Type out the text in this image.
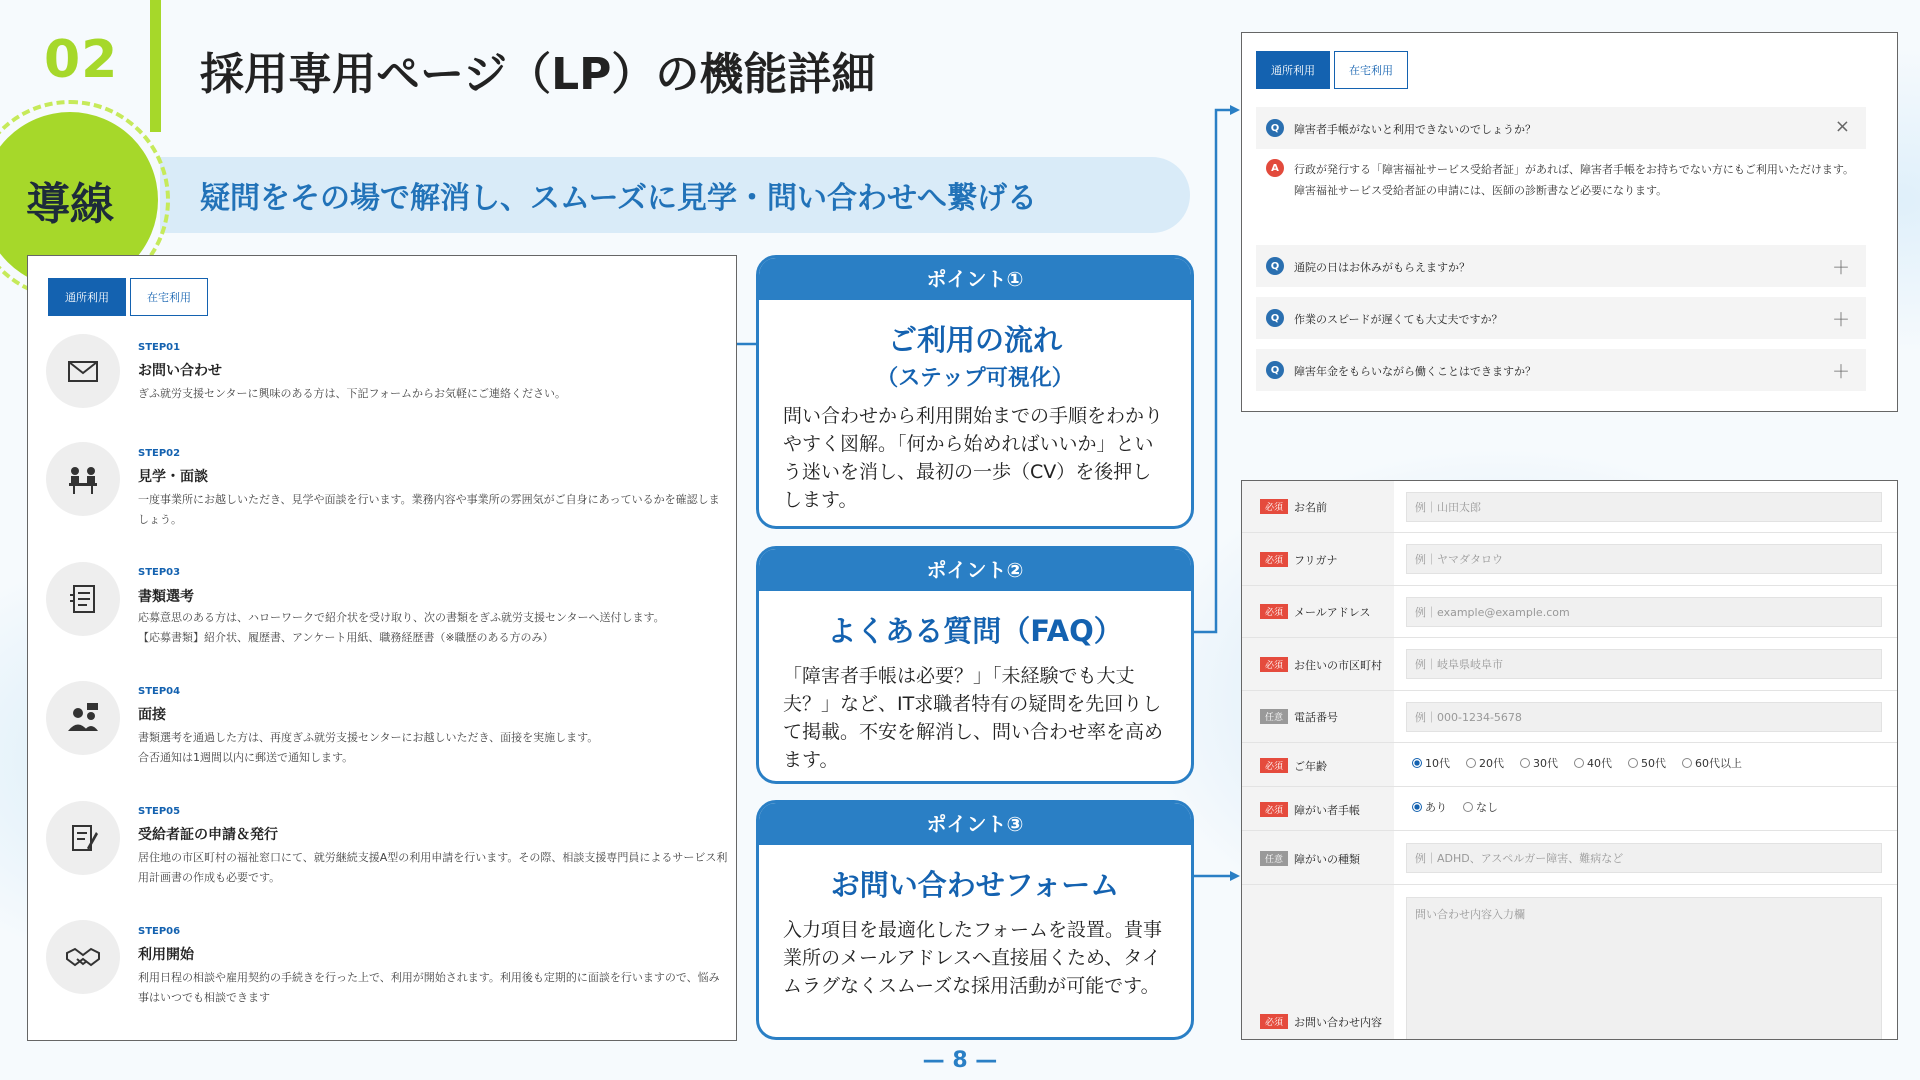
02 採用専用ページ（LP）の機能詳細
疑問をその場で解消し、スムーズに見学・問い合わせへ繋げる
導線
通所利用	在宅利用
STEP01
お問い合わせ
ぎふ就労支援センターに興味のある方は、下記フォームからお気軽にご連絡ください。
STEP02
見学・面談
一度事業所にお越しいただき、見学や面談を行います。業務内容や事業所の雰囲気がご自身にあっているかを確認しましょう。
STEP03
書類選考
応募意思のある方は、ハローワークで紹介状を受け取り、次の書類をぎふ就労支援センターへ送付します。
【応募書類】紹介状、履歴書、アンケート用紙、職務経歴書（※職歴のある方のみ）
STEP04
面接
書類選考を通過した方は、再度ぎふ就労支援センターにお越しいただき、面接を実施します。
合否通知は1週間以内に郵送で通知します。
STEP05
受給者証の申請＆発行
居住地の市区町村の福祉窓口にて、就労継続支援A型の利用申請を行います。その際、相談支援専門員によるサービス利用計画書の作成も必要です。
STEP06
利用開始
利用日程の相談や雇用契約の手続きを行った上で、利用が開始されます。利用後も定期的に面談を行いますので、悩み事はいつでも相談できます
ポイント①
ご利用の流れ
（ステップ可視化）
問い合わせから利用開始までの手順をわかりやすく図解。「何から始めればいいか」という迷いを消し、最初の一歩（CV）を後押しします。
ポイント②
よくある質問（FAQ）
「障害者手帳は必要？」「未経験でも大丈夫？」など、IT求職者特有の疑問を先回りして掲載。不安を解消し、問い合わせ率を高めます。
ポイント③
お問い合わせフォーム
入力項目を最適化したフォームを設置。貴事業所のメールアドレスへ直接届くため、タイムラグなくスムーズな採用活動が可能です。
通所利用	在宅利用
Q	障害者手帳がないと利用できないのでしょうか？	×
A	行政が発行する「障害福祉サービス受給者証」があれば、障害者手帳をお持ちでない方にもご利用いただけます。
障害福祉サービス受給者証の申請には、医師の診断書など必要になります。
Q	通院の日はお休みがもらえますか？	＋
Q	作業のスピードが遅くても大丈夫ですか？	＋
Q	障害年金をもらいながら働くことはできますか？	＋
必須	お名前	例｜山田太郎
必須	フリガナ	例｜ヤマダタロウ
必須	メールアドレス	例｜example@example.com
必須	お住いの市区町村	例｜岐阜県岐阜市
任意	電話番号	例｜000-1234-5678
必須	ご年齢	10代	20代	30代	40代	50代	60代以上
必須	障がい者手帳	あり	なし
任意	障がいの種類	例｜ADHD、アスペルガー障害、難病など
必須	お問い合わせ内容
問い合わせ内容入力欄
— 8 —
